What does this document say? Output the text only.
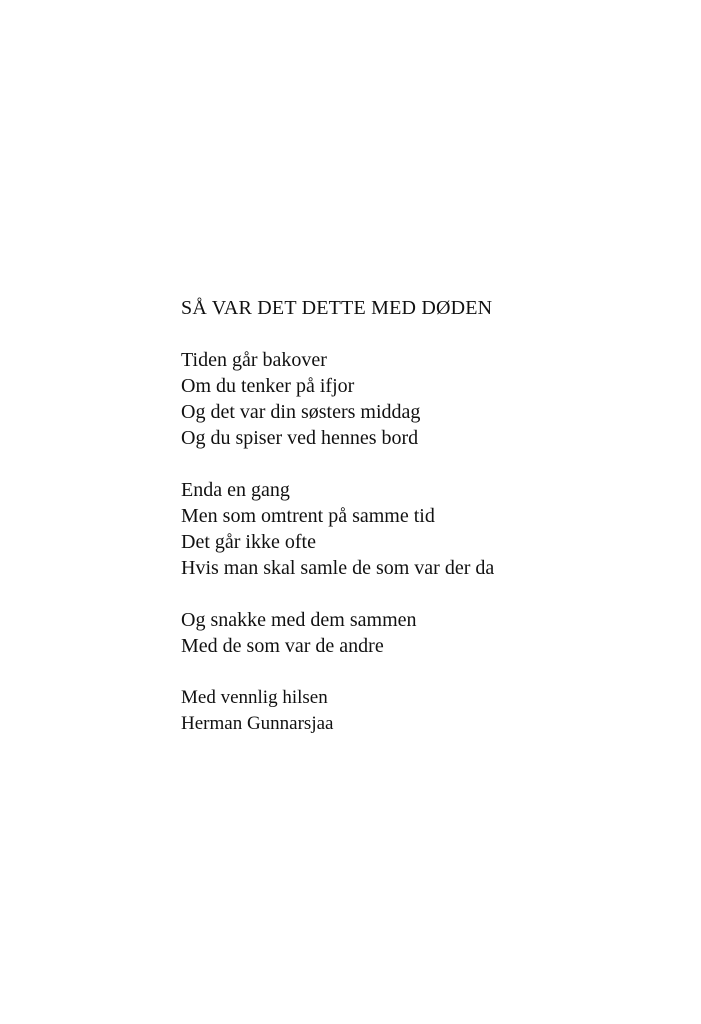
SÅ VAR DET DETTE MED DØDEN
Tiden går bakover
Om du tenker på ifjor
Og det var din søsters middag
Og du spiser ved hennes bord
Enda en gang
Men som omtrent på samme tid
Det går ikke ofte
Hvis man skal samle de som var der da
Og snakke med dem sammen
Med de som var de andre
Med vennlig hilsen
Herman Gunnarsjaa
